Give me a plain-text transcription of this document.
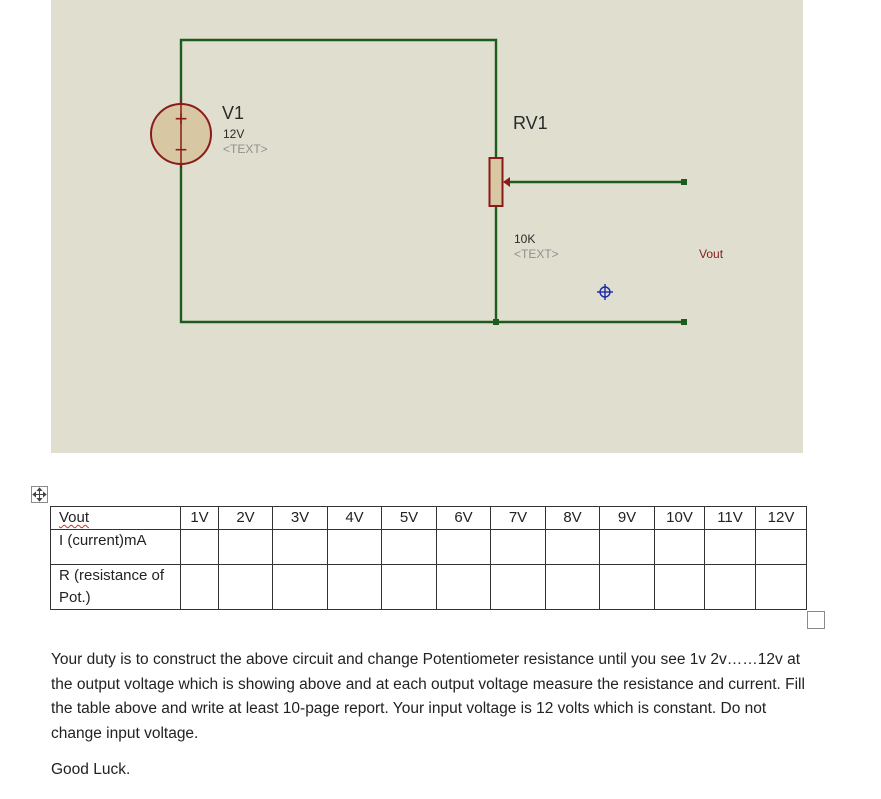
+
−
V1
12V
<TEXT>
RV1
10K
<TEXT>	Vout
Vout	1V	2V	3V	4V	5V	6V	7V	8V	9V	10V	11V	12V
I (current)mA												
R (resistance of Pot.)												

Your duty is to construct the above circuit and change Potentiometer resistance until you see 1v 2v……12v at the output voltage which is showing above and at each output voltage measure the resistance and current. Fill the table above and write at least 10-page report. Your input voltage is 12 volts which is constant. Do not change input voltage.

Good Luck.
